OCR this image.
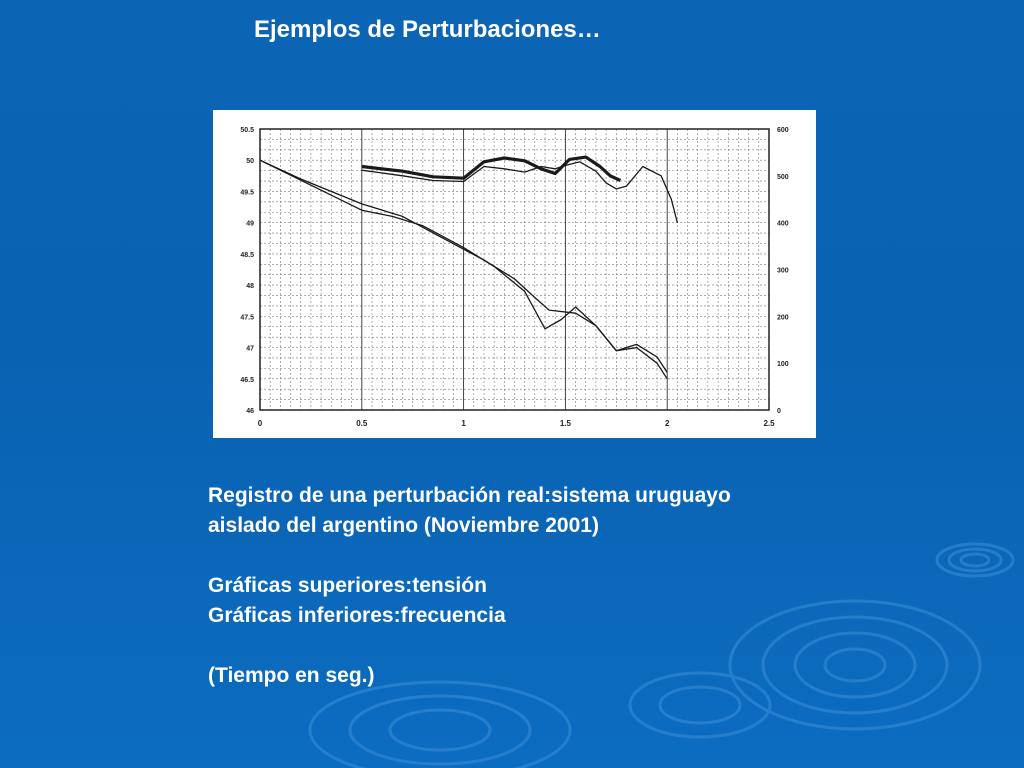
Ejemplos de Perturbaciones…
0	0.5	1	1.5	2	2.5
46
46.5
47
47.5
48
48.5
49
49.5
50
50.5
0
100
200
300
400
500
600
Registro de una perturbación real:sistema uruguayo
aislado del argentino (Noviembre 2001)
Gráficas superiores:tensión
Gráficas inferiores:frecuencia
(Tiempo en seg.)
